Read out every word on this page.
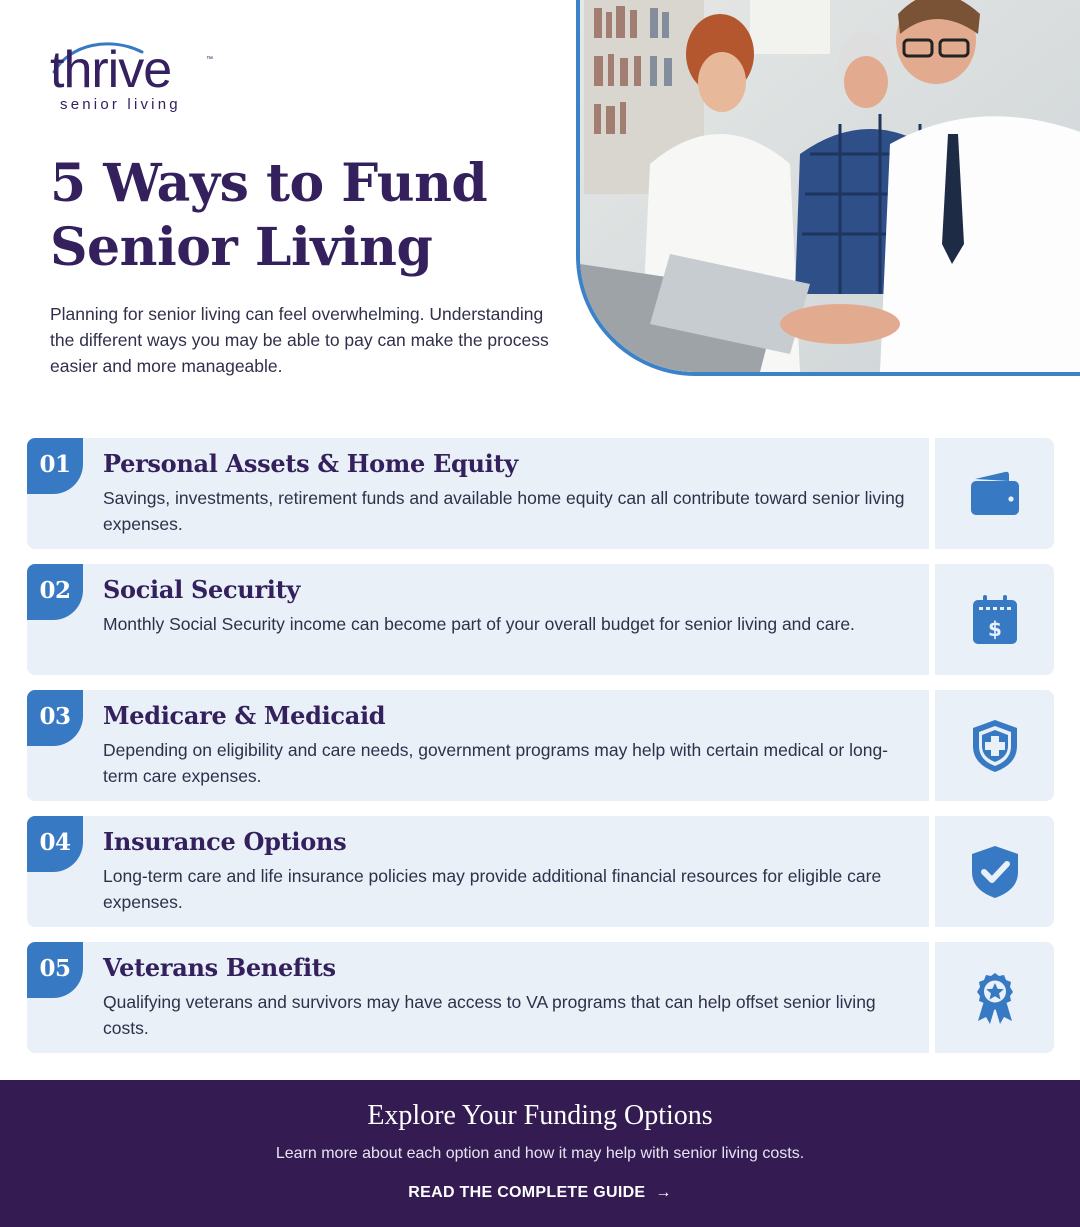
thrive	™
senior living
5 Ways to Fund
Senior Living

Planning for senior living can feel overwhelming. Understanding the different ways you may be able to pay can make the process easier and more manageable.

01	Personal Assets & Home Equity

Savings, investments, retirement funds and available home equity can all contribute toward senior living expenses.

02	Social Security

Monthly Social Security income can become part of your overall budget for senior living and care.	$
03	Medicare & Medicaid

Depending on eligibility and care needs, government programs may help with certain medical or long-term care expenses.

04	Insurance Options

Long-term care and life insurance policies may provide additional financial resources for eligible care expenses.

05	Veterans Benefits

Qualifying veterans and survivors may have access to VA programs that can help offset senior living costs.

Explore Your Funding Options

Learn more about each option and how it may help with senior living costs.

READ THE COMPLETE GUIDE →
